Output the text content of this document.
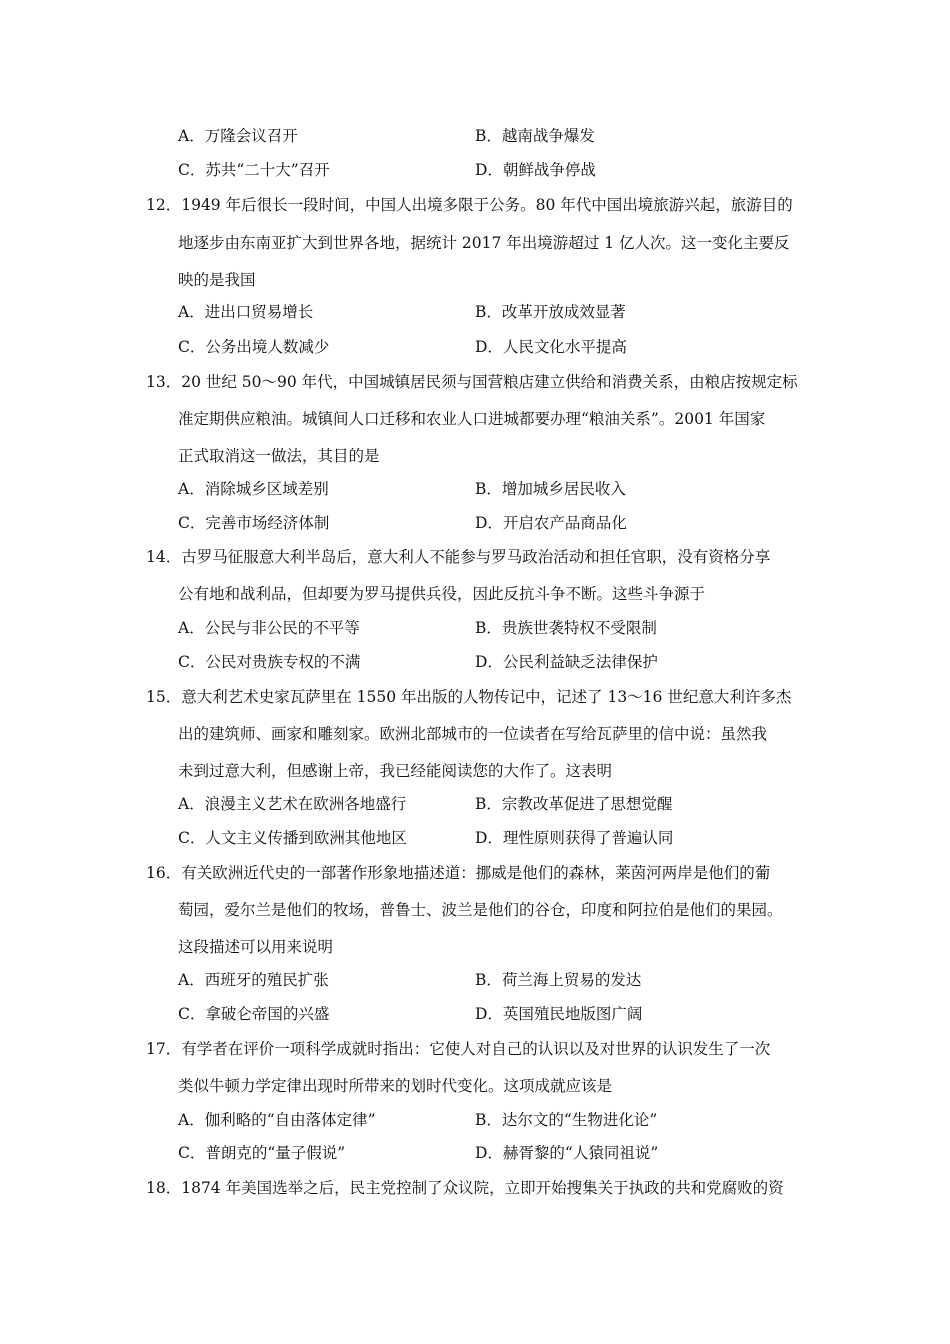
A．万隆会议召开	B．越南战争爆发
C．苏共“二十大”召开	D．朝鲜战争停战
12．1949 年后很长一段时间，中国人出境多限于公务。80 年代中国出境旅游兴起，旅游目的
地逐步由东南亚扩大到世界各地，据统计 2017 年出境游超过 1 亿人次。这一变化主要反
映的是我国
A．进出口贸易增长	B．改革开放成效显著
C．公务出境人数减少	D．人民文化水平提高
13．20 世纪 50～90 年代，中国城镇居民须与国营粮店建立供给和消费关系，由粮店按规定标
准定期供应粮油。城镇间人口迁移和农业人口进城都要办理“粮油关系”。2001 年国家
正式取消这一做法，其目的是
A．消除城乡区域差别	B．增加城乡居民收入
C．完善市场经济体制	D．开启农产品商品化
14．古罗马征服意大利半岛后，意大利人不能参与罗马政治活动和担任官职，没有资格分享
公有地和战利品，但却要为罗马提供兵役，因此反抗斗争不断。这些斗争源于
A．公民与非公民的不平等	B．贵族世袭特权不受限制
C．公民对贵族专权的不满	D．公民利益缺乏法律保护
15．意大利艺术史家瓦萨里在 1550 年出版的人物传记中，记述了 13～16 世纪意大利许多杰
出的建筑师、画家和雕刻家。欧洲北部城市的一位读者在写给瓦萨里的信中说：虽然我
未到过意大利，但感谢上帝，我已经能阅读您的大作了。这表明
A．浪漫主义艺术在欧洲各地盛行	B．宗教改革促进了思想觉醒
C．人文主义传播到欧洲其他地区	D．理性原则获得了普遍认同
16．有关欧洲近代史的一部著作形象地描述道：挪威是他们的森林，莱茵河两岸是他们的葡
萄园，爱尔兰是他们的牧场，普鲁士、波兰是他们的谷仓，印度和阿拉伯是他们的果园。
这段描述可以用来说明
A．西班牙的殖民扩张	B．荷兰海上贸易的发达
C．拿破仑帝国的兴盛	D．英国殖民地版图广阔
17．有学者在评价一项科学成就时指出：它使人对自己的认识以及对世界的认识发生了一次
类似牛顿力学定律出现时所带来的划时代变化。这项成就应该是
A．伽利略的“自由落体定律”	B．达尔文的“生物进化论”
C．普朗克的“量子假说”	D．赫胥黎的“人猿同祖说”
18．1874 年美国选举之后，民主党控制了众议院，立即开始搜集关于执政的共和党腐败的资
